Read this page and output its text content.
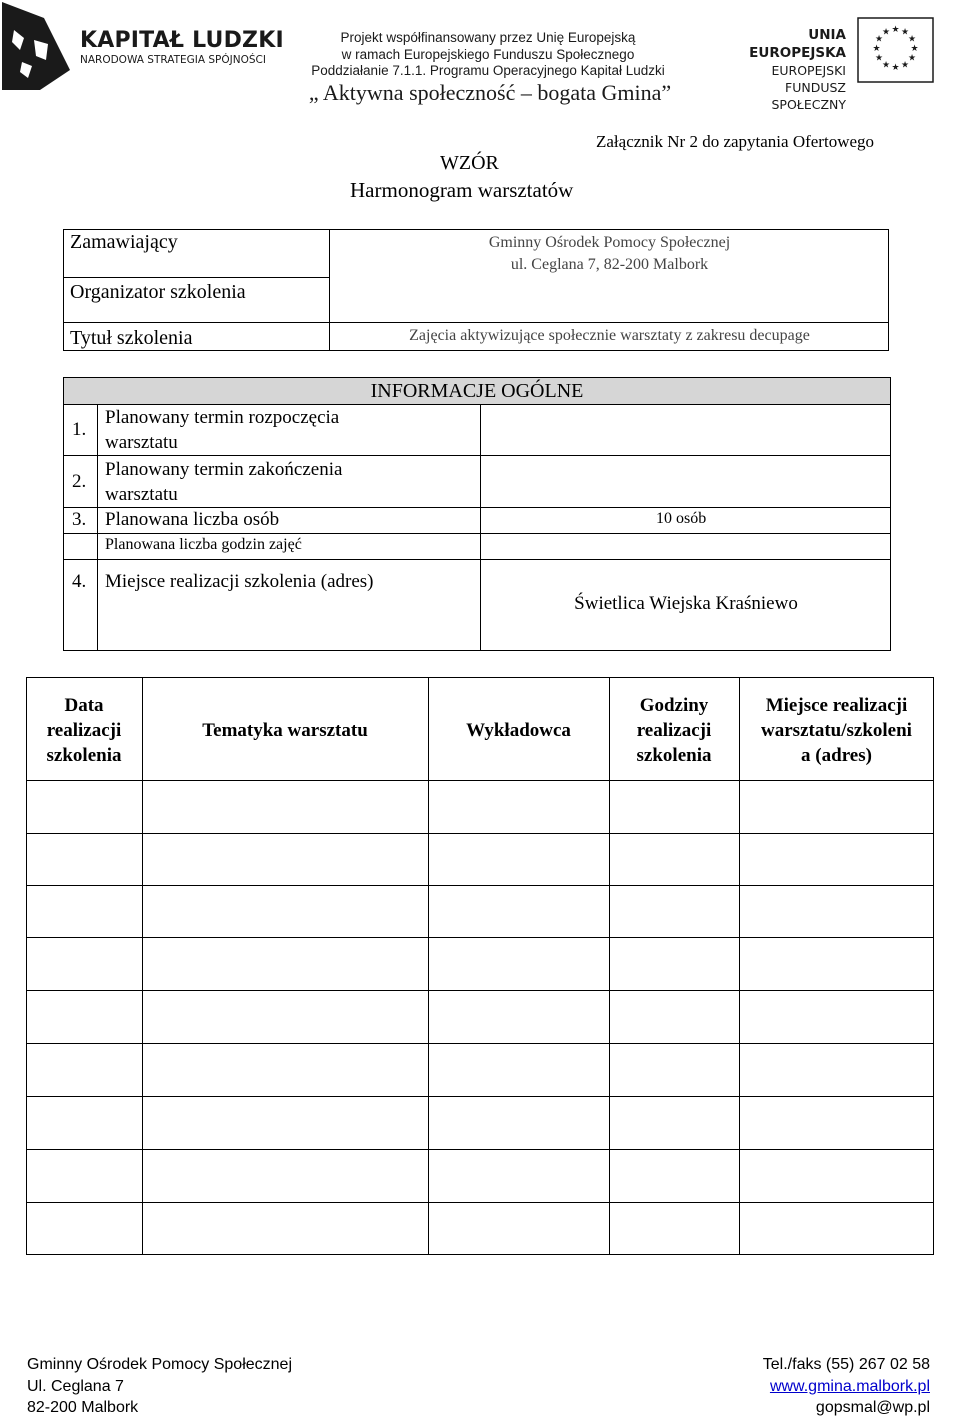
KAPITAŁ LUDZKI
NARODOWA STRATEGIA SPÓJNOŚCI
Projekt współfinansowany przez Unię Europejską
w ramach Europejskiego Funduszu Społecznego
Poddziałanie 7.1.1. Programu Operacyjnego Kapitał Ludzki
„ Aktywna społeczność – bogata Gmina”
UNIA EUROPEJSKA
EUROPEJSKI
FUNDUSZ SPOŁECZNY
★ ★
★
★
★
★
★
★
★
★
★
★
Załącznik Nr 2 do zapytania Ofertowego
WZÓR
Harmonogram warsztatów
Zamawiający
Organizator szkolenia
Tytuł szkolenia
Gminny Ośrodek Pomocy Społecznej
ul. Ceglana 7, 82-200 Malbork
Zajęcia aktywizujące społecznie warsztaty z zakresu decupage
INFORMACJE OGÓLNE
1.
Planowany termin rozpoczęcia
warsztatu
2.
Planowany termin zakończenia
warsztatu
3. Planowana liczba osób	10 osób
Planowana liczba godzin zajęć
4. Miejsce realizacji szkolenia (adres)
Świetlica Wiejska Kraśniewo
Data
realizacji
szkolenia
Tematyka warsztatu	Wykładowca
Godziny
realizacji
szkolenia
Miejsce realizacji
warsztatu/szkoleni
a (adres)
Gminny Ośrodek Pomocy Społecznej
Ul. Ceglana 7
82-200 Malbork
Tel./faks (55) 267 02 58
www.gmina.malbork.pl
gopsmal@wp.pl
